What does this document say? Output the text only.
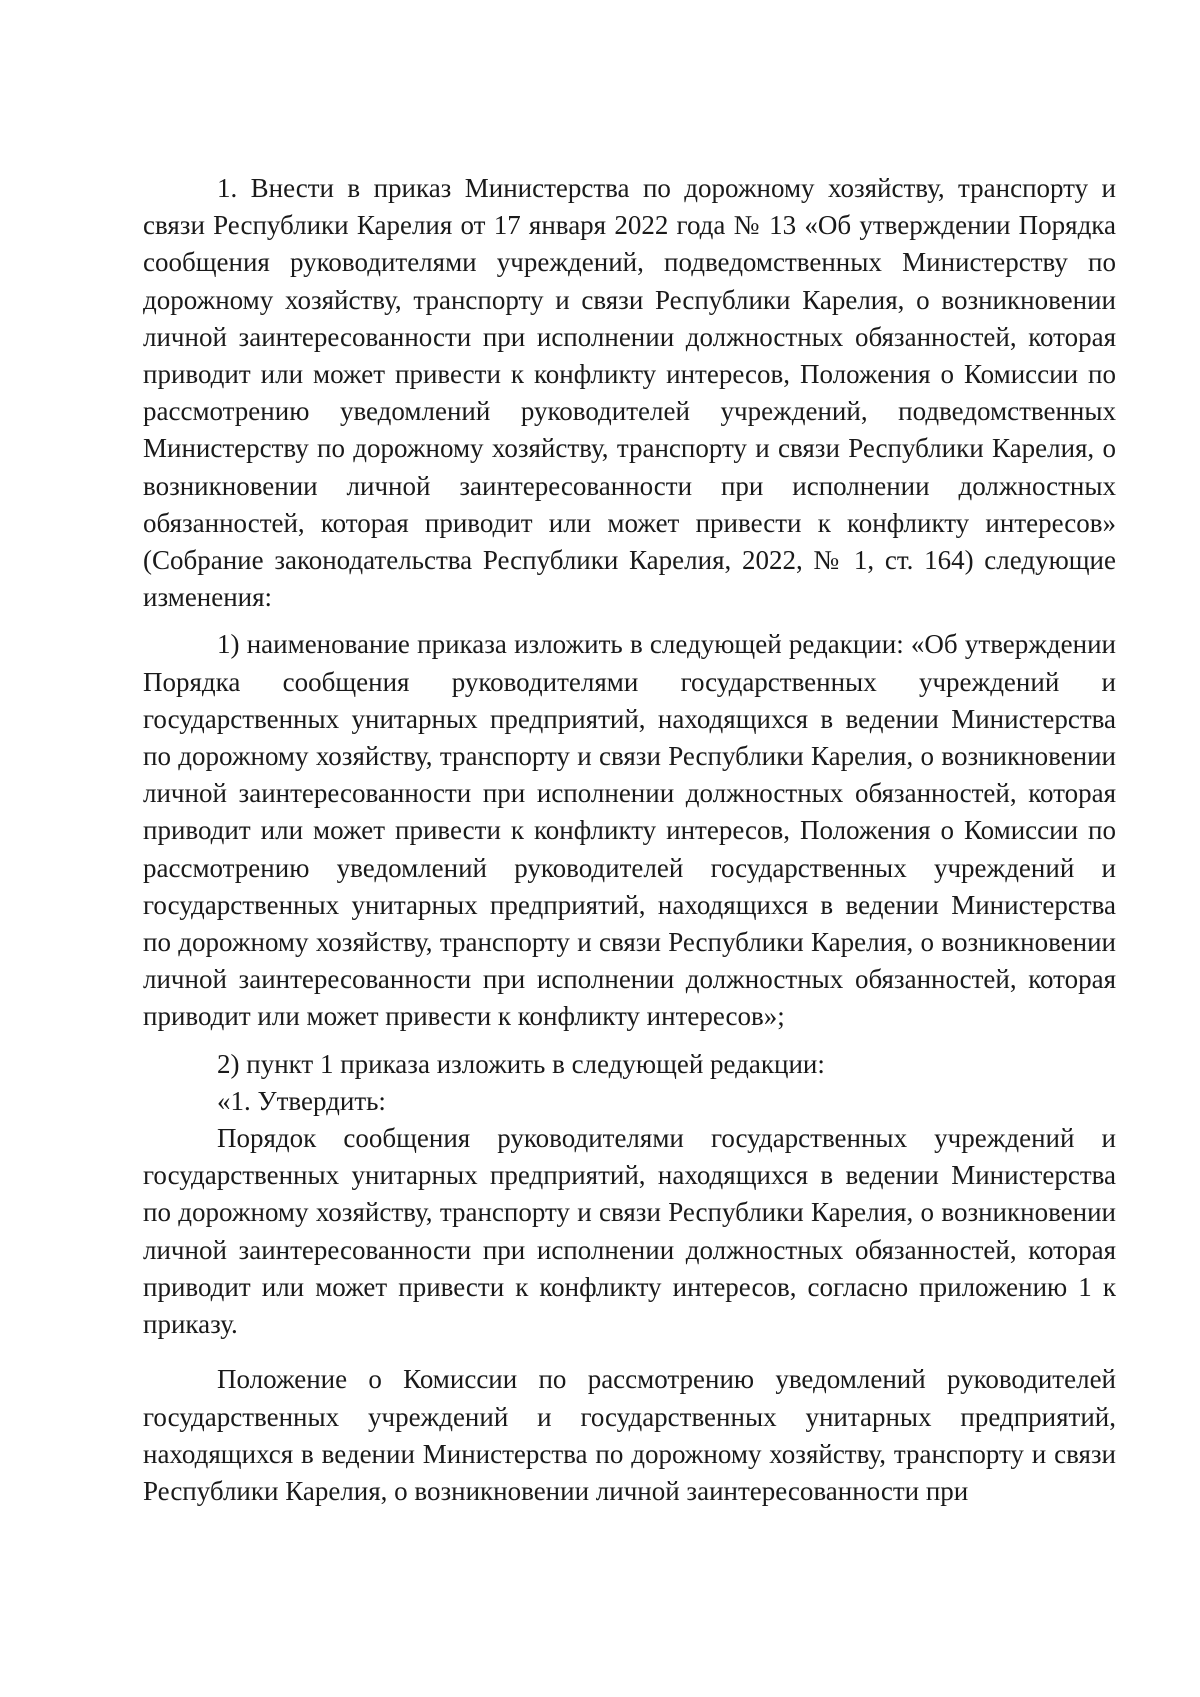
1. Внести в приказ Министерства по дорожному хозяйству, транспорту и связи Республики Карелия от 17 января 2022 года № 13 «Об утверждении Порядка сообщения руководителями учреждений, подведомственных Министерству по дорожному хозяйству, транспорту и связи Республики Карелия, о возникновении личной заинтересованности при исполнении должностных обязанностей, которая приводит или может привести к конфликту интересов, Положения о Комиссии по рассмотрению уведомлений руководителей учреждений, подведомственных Министерству по дорожному хозяйству, транспорту и связи Республики Карелия, о возникновении личной заинтересованности при исполнении должностных обязанностей, которая приводит или может привести к конфликту интересов» (Собрание законодательства Республики Карелия, 2022, № 1, ст. 164) следующие изменения:

1) наименование приказа изложить в следующей редакции: «Об утверждении Порядка сообщения руководителями государственных учреждений и государственных унитарных предприятий, находящихся в ведении Министерства по дорожному хозяйству, транспорту и связи Республики Карелия, о возникновении личной заинтересованности при исполнении должностных обязанностей, которая приводит или может привести к конфликту интересов, Положения о Комиссии по рассмотрению уведомлений руководителей государственных учреждений и государственных унитарных предприятий, находящихся в ведении Министерства по дорожному хозяйству, транспорту и связи Республики Карелия, о возникновении личной заинтересованности при исполнении должностных обязанностей, которая приводит или может привести к конфликту интересов»;

2) пункт 1 приказа изложить в следующей редакции:

«1. Утвердить:

Порядок сообщения руководителями государственных учреждений и государственных унитарных предприятий, находящихся в ведении Министерства по дорожному хозяйству, транспорту и связи Республики Карелия, о возникновении личной заинтересованности при исполнении должностных обязанностей, которая приводит или может привести к конфликту интересов, согласно приложению 1 к приказу.

Положение о Комиссии по рассмотрению уведомлений руководителей государственных учреждений и государственных унитарных предприятий, находящихся в ведении Министерства по дорожному хозяйству, транспорту и связи Республики Карелия, о возникновении личной заинтересованности при
